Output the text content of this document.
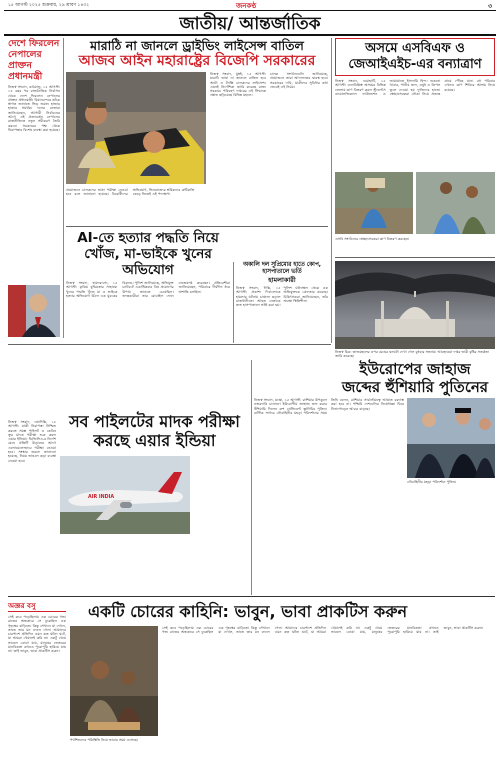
১৫ আগস্ট ২০২৫ শুক্রবার, ২৯ শ্রাবণ ১৪৩২	জনকণ্ঠ	৩
জাতীয়/ আন্তর্জাতিক
দেশে ফিরলেন নেপালের প্রাক্তন প্রধানমন্ত্রী
নিজস্ব সংবাদ, কাঠমান্ডু, ১৫ আগস্ট: ১৪ বছর পর রাজনৈতিক নির্বাসন থেকে দেশে ফিরলেন নেপালের প্রাক্তন প্রধানমন্ত্রী। বিমানবন্দরে তাঁকে স্বাগত জানাতে ভিড় জমান হাজার হাজার সমর্থক। দলের নেতারা জানিয়েছেন, আগামী নির্বাচনের আগে এই প্রত্যাবর্তন নেপালের রাজনীতিতে নতুন সমীকরণ তৈরি করবে। সরকারের পক্ষ থেকে নিরাপত্তার বিশেষ ব্যবস্থা করা হয়েছে।
মারাঠি না জানলে ড্রাইভিং লাইসেন্স বাতিল
আজব আইন মহারাষ্ট্রের বিজেপি সরকারের
নিজস্ব সংবাদ, মুম্বই, ১৫ আগস্ট: মারাঠি ভাষা না জানলে বাতিল হবে অটো ও ট্যাক্সি চালকদের লাইসেন্স। এমনই নির্দেশিকা জারি করেছে রাজ্য সরকার। পরিবহণ দপ্তরের এই সিদ্ধান্তে ক্ষোভ ছড়িয়েছে বিভিন্ন মহলে।
চালক সংগঠনগুলি জানিয়েছে, প্রয়োজনে তারা আদালতের দ্বারস্থ হবে। সরকারের দাবি, যাত্রীদের সুবিধার কথা ভেবেই এই নিয়ম।
প্রয়োজনে চালকদের ভাষা পরীক্ষা নেওয়া হবে বলে জানানো হয়েছে। বিরোধীদের অভিযোগ, ভিনরাজ্যের শ্রমিকদের রুটিরুজি কেড়ে নিতেই এই পদক্ষেপ।
অসমে এসবিএফ ও জেআইএইচ-এর বন্যাত্রাণ
নিজস্ব সংবাদ, গুয়াহাটি, ১৫ আগস্ট: বন্যাবিধ্বস্ত অসমের বিভিন্ন জেলায় ত্রাণ বিতরণ করল স্টুডেন্টস বায়োলজিক্যাল ফাউন্ডেশন ও জামায়াতে ইসলামি হিন্দ। শুকনো খাবার, পানীয় জল, ওষুধ ও ত্রিপল তুলে দেওয়া হয় দুর্গতদের হাতে। স্বেচ্ছাসেবকরা নৌকা নিয়ে প্রত্যন্ত গ্রামে পৌঁছে যান। বহু পরিবার এখনও ত্রাণ শিবিরে আশ্রয় নিয়ে রয়েছে।
এসবি সংগঠনের স্বেচ্ছাসেবকরা ত্রাণ বিতরণ করছেন।
AI-তে হত্যার পদ্ধতি নিয়ে খোঁজ, মা-ভাইকে খুনের অভিযোগ
নিজস্ব সংবাদ, হায়দরাবাদ, ১৫ আগস্ট: কৃত্রিম বুদ্ধিমত্তার সাহায্যে খুনের পদ্ধতি খুঁজে মা ও ভাইকে হত্যার অভিযোগ উঠল এক যুবকের বিরুদ্ধে। পুলিশ জানিয়েছে, অভিযুক্ত চ্যাটবটে একাধিকবার বিষ প্রয়োগের উপায় জানতে চেয়েছিল। তদন্তকারীরা তার মোবাইল ফোন বাজেয়াপ্ত করেছেন। প্রতিবেশীরা জানিয়েছেন, পরিবারে দীর্ঘদিন ধরে অশান্তি চলছিল।
অকালি দল সুপ্রিমোর হাতে কোপ, হাসপাতালে ভর্তি
হামলাকারী
নিজস্ব সংবাদ, দিল্লি, ১৫ আগস্ট: প্রকাশ্য দিবালোকে হামলার ঘটনায় চাঞ্চল্য ছড়াল রাজধানীতে। আহত নেতাকে দ্রুত হাসপাতালে ভর্তি করা হয়। পুলিশ ঘটনাস্থল থেকে এক অভিযুক্তকে গ্রেফতার করেছে। চিকিৎসকরা জানিয়েছেন, তাঁর অবস্থা স্থিতিশীল।
নিজস্ব চিত্র: তাজমহলের ওপর মেঘের ঘনঘটা দেখা গেল বুধবার সন্ধ্যায়। আবহাওয়া দপ্তর ভারী বৃষ্টির সতর্কতা জারি করেছে।
ইউরোপের জাহাজ জব্দের হুঁশিয়ারি পুতিনের
নিজস্ব সংবাদ, মস্কো, ১৫ আগস্ট: রাশিয়ার উপকূলে নজরদারি চালানো ইউরোপীয় জাহাজ জব্দ করার হুঁশিয়ারি দিলেন রুশ প্রেসিডেন্ট ভ্লাদিমির পুতিন। বাল্টিক সাগরে নৌবাহিনীর মহড়া পরিদর্শনের সময় তিনি বলেন, রাশিয়ার সার্বভৌমত্বে আঘাত বরদাস্ত করা হবে না। পশ্চিমি দেশগুলির নিষেধাজ্ঞা ঘিরে টানাপোড়েন আরও বাড়ছে।
নৌবাহিনীর মহড়া পরিদর্শনে পুতিন।
সব পাইলটের মাদক পরীক্ষা করছে এয়ার ইন্ডিয়া
নিজস্ব সংবাদ, নয়াদিল্লি, ১৫ আগস্ট: যাত্রী নিরাপত্তা নিশ্চিত করতে সমস্ত পাইলট ও কেবিন ক্রুর মাদক পরীক্ষা শুরু করল এয়ার ইন্ডিয়া। ডিজিসিএ-র নির্দেশ মেনে প্রতিটি উড়ানের আগে এলোমেলোভাবে পরীক্ষা নেওয়া হবে। সংস্থার তরফে জানানো হয়েছে, নিয়ম ভাঙলে কড়া ব্যবস্থা নেওয়া হবে।
AIR INDIA
অজ্ঞর বসু	একটি চোরের কাহিনি: ভাবুন, ভাবা প্রাকটিস করুন
সেই কবে পড়েছিলাম এক চোরের গল্প। রাতের অন্ধকারে সে ঢুকেছিল এক গৃহস্থের বাড়িতে। কিন্তু সেখানে যা দেখল, তাতে তার মন বদলে গেল। আমাদের চারপাশে প্রতিদিন এমন কত ঘটনা ঘটে, যা আমরা খেয়ালই করি না। একটু থেমে ভাবলে বোঝা যায়, মানুষের ভেতরের মানবিকতা কখনও পুরোপুরি হারিয়ে যায় না। তাই ভাবুন, ভাবা প্রাকটিস করুন।
পথশিশুদের পরিস্থিতি নিয়ে ভাবার সময় এসেছে।
সেই কবে পড়েছিলাম এক চোরের গল্প। রাতের অন্ধকারে সে ঢুকেছিল এক গৃহস্থের বাড়িতে। কিন্তু সেখানে যা দেখল, তাতে তার মন বদলে গেল। আমাদের চারপাশে প্রতিদিন এমন কত ঘটনা ঘটে, যা আমরা খেয়ালই করি না। একটু থেমে ভাবলে বোঝা যায়, মানুষের ভেতরের মানবিকতা কখনও পুরোপুরি হারিয়ে যায় না। তাই ভাবুন, ভাবা প্রাকটিস করুন।
